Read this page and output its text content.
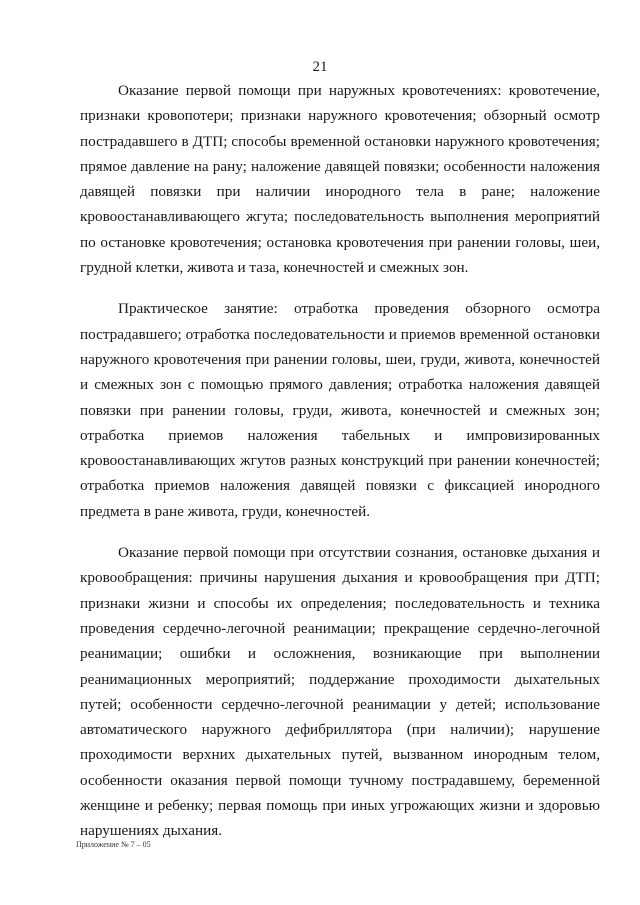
21

Оказание первой помощи при наружных кровотечениях: кровотечение, признаки кровопотери; признаки наружного кровотечения; обзорный осмотр пострадавшего в ДТП; способы временной остановки наружного кровотечения; прямое давление на рану; наложение давящей повязки; особенности наложения давящей повязки при наличии инородного тела в ране; наложение кровоостанавливающего жгута; последовательность выполнения мероприятий по остановке кровотечения; остановка кровотечения при ранении головы, шеи, грудной клетки, живота и таза, конечностей и смежных зон.

Практическое занятие: отработка проведения обзорного осмотра пострадавшего; отработка последовательности и приемов временной остановки наружного кровотечения при ранении головы, шеи, груди, живота, конечностей и смежных зон с помощью прямого давления; отработка наложения давящей повязки при ранении головы, груди, живота, конечностей и смежных зон; отработка приемов наложения табельных и импровизированных кровоостанавливающих жгутов разных конструкций при ранении конечностей; отработка приемов наложения давящей повязки с фиксацией инородного предмета в ране живота, груди, конечностей.

Оказание первой помощи при отсутствии сознания, остановке дыхания и кровообращения: причины нарушения дыхания и кровообращения при ДТП; признаки жизни и способы их определения; последовательность и техника проведения сердечно-легочной реанимации; прекращение сердечно-легочной реанимации; ошибки и осложнения, возникающие при выполнении реанимационных мероприятий; поддержание проходимости дыхательных путей; особенности сердечно-легочной реанимации у детей; использование автоматического наружного дефибриллятора (при наличии); нарушение проходимости верхних дыхательных путей, вызванном инородным телом, особенности оказания первой помощи тучному пострадавшему, беременной женщине и ребенку; первая помощь при иных угрожающих жизни и здоровью нарушениях дыхания.

Приложение № 7 – 05
